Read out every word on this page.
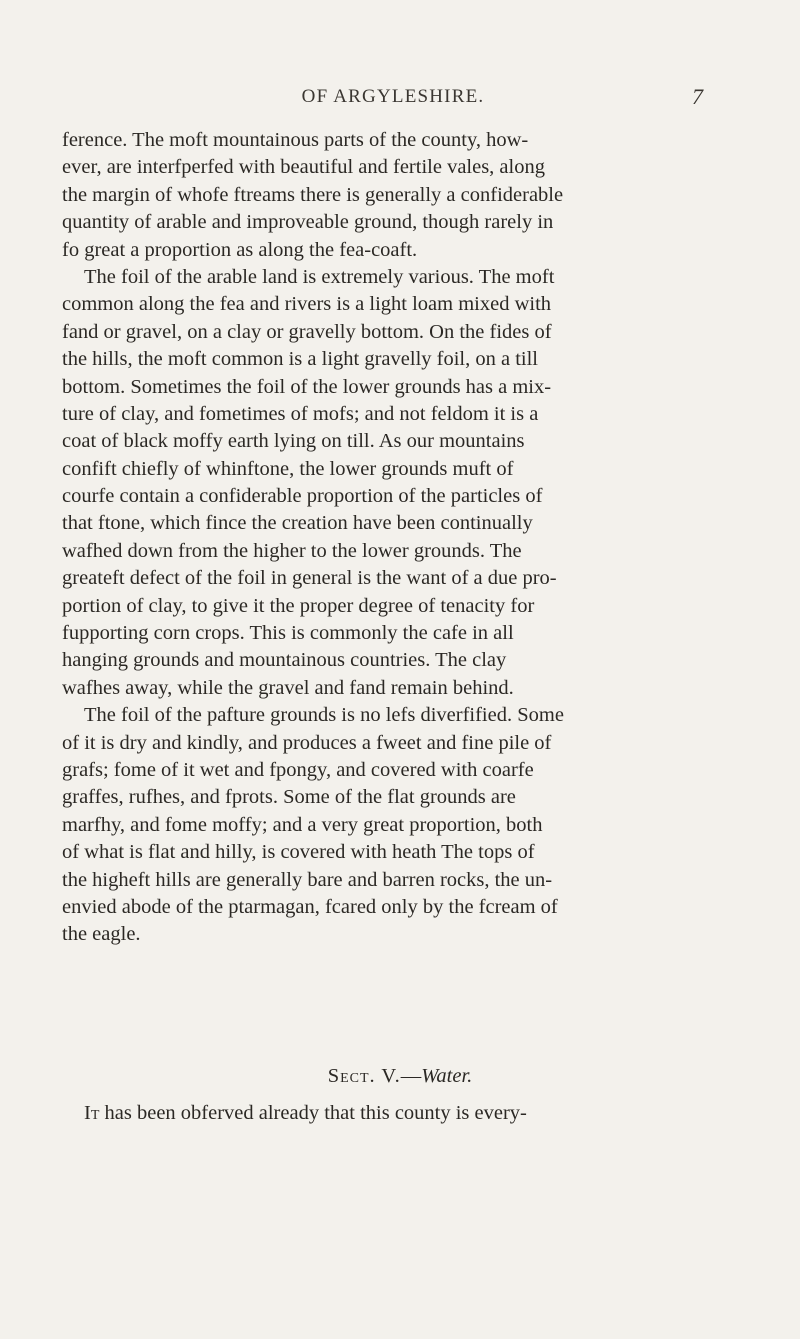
OF ARGYLESHIRE.	7
ference. The moft mountainous parts of the county, how-
ever, are interfperfed with beautiful and fertile vales, along
the margin of whofe ftreams there is generally a confiderable
quantity of arable and improveable ground, though rarely in
fo great a proportion as along the fea-coaft.
The foil of the arable land is extremely various. The moft
common along the fea and rivers is a light loam mixed with
fand or gravel, on a clay or gravelly bottom. On the fides of
the hills, the moft common is a light gravelly foil, on a till
bottom. Sometimes the foil of the lower grounds has a mix-
ture of clay, and fometimes of mofs; and not feldom it is a
coat of black moffy earth lying on till. As our mountains
confift chiefly of whinftone, the lower grounds muft of
courfe contain a confiderable proportion of the particles of
that ftone, which fince the creation have been continually
wafhed down from the higher to the lower grounds. The
greateft defect of the foil in general is the want of a due pro-
portion of clay, to give it the proper degree of tenacity for
fupporting corn crops. This is commonly the cafe in all
hanging grounds and mountainous countries. The clay
wafhes away, while the gravel and fand remain behind.
The foil of the pafture grounds is no lefs diverfified. Some
of it is dry and kindly, and produces a fweet and fine pile of
grafs; fome of it wet and fpongy, and covered with coarfe
graffes, rufhes, and fprots. Some of the flat grounds are
marfhy, and fome moffy; and a very great proportion, both
of what is flat and hilly, is covered with heath The tops of
the higheft hills are generally bare and barren rocks, the un-
envied abode of the ptarmagan, fcared only by the fcream of
the eagle.
Sect. V.—Water.
It has been obferved already that this county is every-
